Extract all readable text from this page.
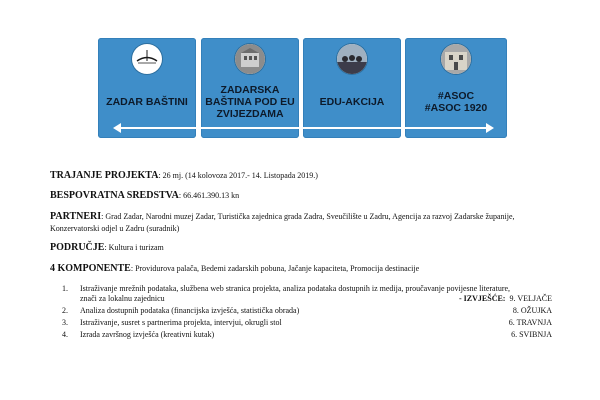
ZADAR BAŠTINI
ZADARSKA
BAŠTINA POD EU
ZVIJEZDAMA
EDU-AKCIJA	#ASOC
#ASOC 1920
TRAJANJE PROJEKTA: 26 mj. (14 kolovoza 2017.- 14. Listopada 2019.)
BESPOVRATNA SREDSTVA: 66.461.390.13 kn
PARTNERI: Grad Zadar, Narodni muzej Zadar, Turistička zajednica grada Zadra, Sveučilište u Zadru, Agencija za razvoj Zadarske županije,
Konzervatorski odjel u Zadru (suradnik)
PODRUČJE: Kultura i turizam
4 KOMPONENTE: Providurova palača, Bedemi zadarskih pobuna, Jačanje kapaciteta, Promocija destinacije
1. Istraživanje mrežnih podataka, službena web stranica projekta, analiza podataka dostupnih iz medija, proučavanje povijesne literature,
znači za lokalnu zajednicu	- IZVJEŠĆE: 9. VELJAČE
2. Analiza dostupnih podataka (financijska izvješća, statistička obrada)	8. OŽUJKA
3. Istraživanje, susret s partnerima projekta, intervjui, okrugli stol	6. TRAVNJA
4. Izrada završnog izvješća (kreativni kutak)	6. SVIBNJA
